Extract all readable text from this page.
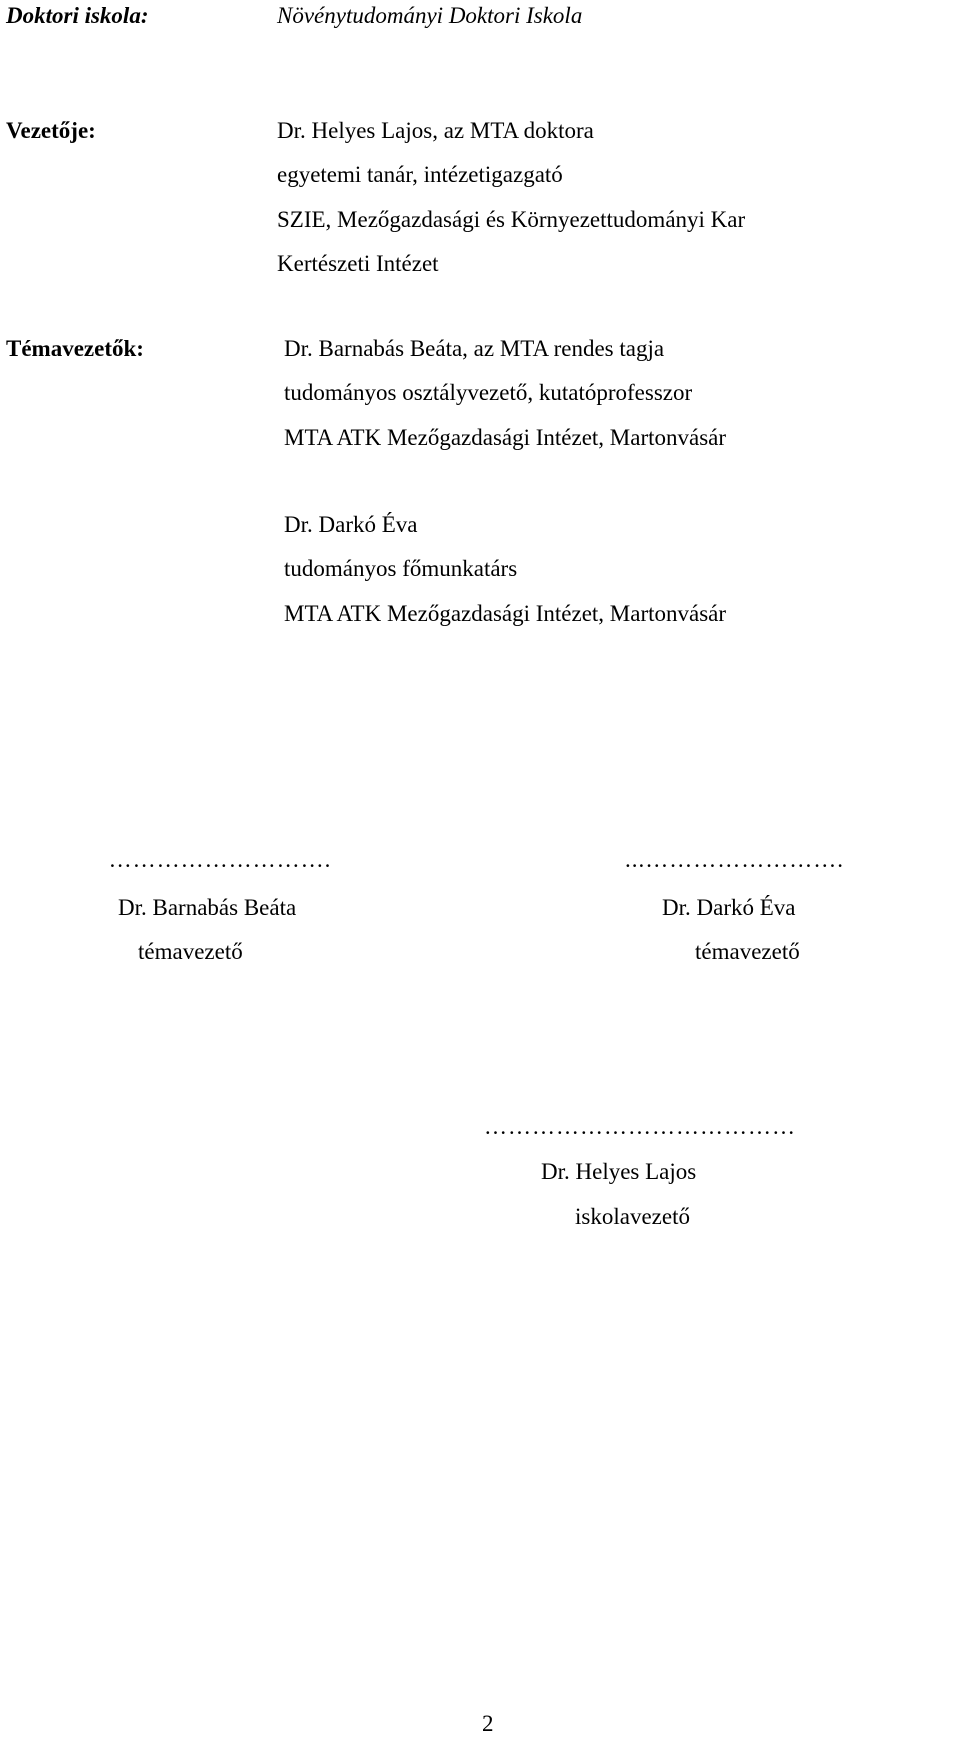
Doktori iskola:	Növénytudományi Doktori Iskola
Vezetője:	Dr. Helyes Lajos, az MTA doktora
egyetemi tanár, intézetigazgató
SZIE, Mezőgazdasági és Környezettudományi Kar
Kertészeti Intézet
Témavezetők:	Dr. Barnabás Beáta, az MTA rendes tagja
tudományos osztályvezető, kutatóprofesszor
MTA ATK Mezőgazdasági Intézet, Martonvásár
Dr. Darkó Éva
tudományos főmunkatárs
MTA ATK Mezőgazdasági Intézet, Martonvásár
……………………….
Dr. Barnabás Beáta
témavezető
...…………………….
Dr. Darkó Éva
témavezető
…………………………………
Dr. Helyes Lajos
iskolavezető
2
